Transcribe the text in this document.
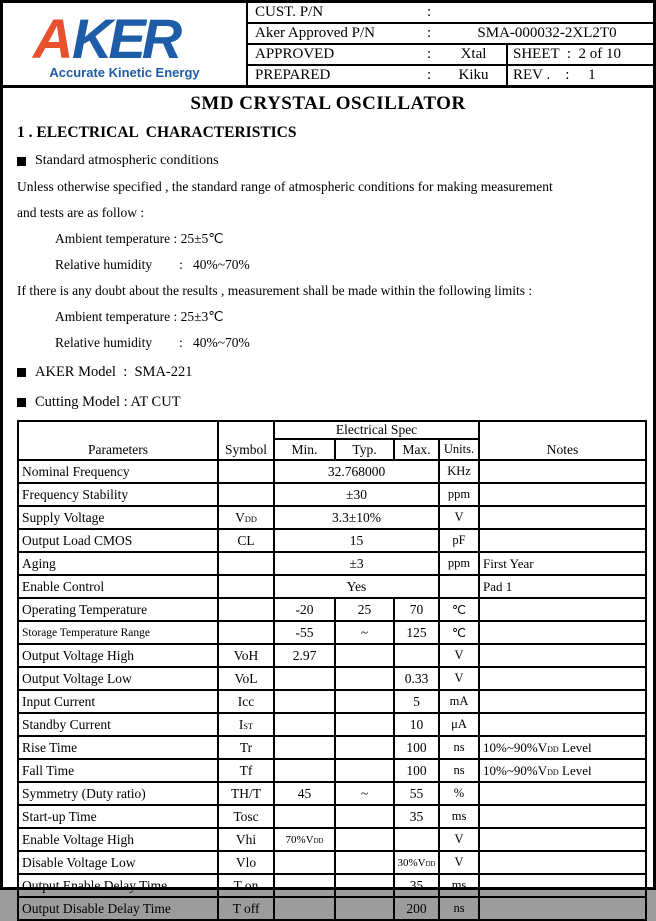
A KER
Accurate Kinetic Energy
CUST. P/N	:
Aker Approved P/N	:	SMA-000032-2XL2T0
APPROVED	:	Xtal	SHEET  :  2 of 10
PREPARED	:	Kiku	REV .    :     1
SMD CRYSTAL OSCILLATOR
1 . ELECTRICAL  CHARACTERISTICS
Standard atmospheric conditions
Unless otherwise specified , the standard range of atmospheric conditions for making measurement
and tests are as follow :
Ambient temperature : 25±5℃
Relative humidity        :   40%~70%
If there is any doubt about the results , measurement shall be made within the following limits :
Ambient temperature : 25±3℃
Relative humidity        :   40%~70%
AKER Model  :  SMA-221
Cutting Model : AT CUT
Parameters	Symbol	Electrical Spec				Notes
		Min.	Typ.	Max.	Units.	
Nominal Frequency		32.768000			KHz	
Frequency Stability		±30			ppm	
Supply Voltage	VDD	3.3±10%			V	
Output Load CMOS	CL	15			pF	
Aging		±3			ppm	First Year
Enable Control		Yes				Pad 1
Operating Temperature		-20	25	70	℃	
Storage Temperature Range		-55	~	125	℃	
Output Voltage High	VoH	2.97			V	
Output Voltage Low	VoL			0.33	V	
Input Current	Icc			5	mA	
Standby Current	IST			10	μA	
Rise Time	Tr			100	ns	10%~90%VDD Level
Fall Time	Tf			100	ns	10%~90%VDD Level
Symmetry (Duty ratio)	TH/T	45	~	55	%	
Start-up Time	Tosc			35	ms	
Enable Voltage High	Vhi	70%VDD			V	
Disable Voltage Low	Vlo			30%VDD	V	
Output Enable Delay Time	T on			35	ms	
Output Disable Delay Time	T off			200	ns	
